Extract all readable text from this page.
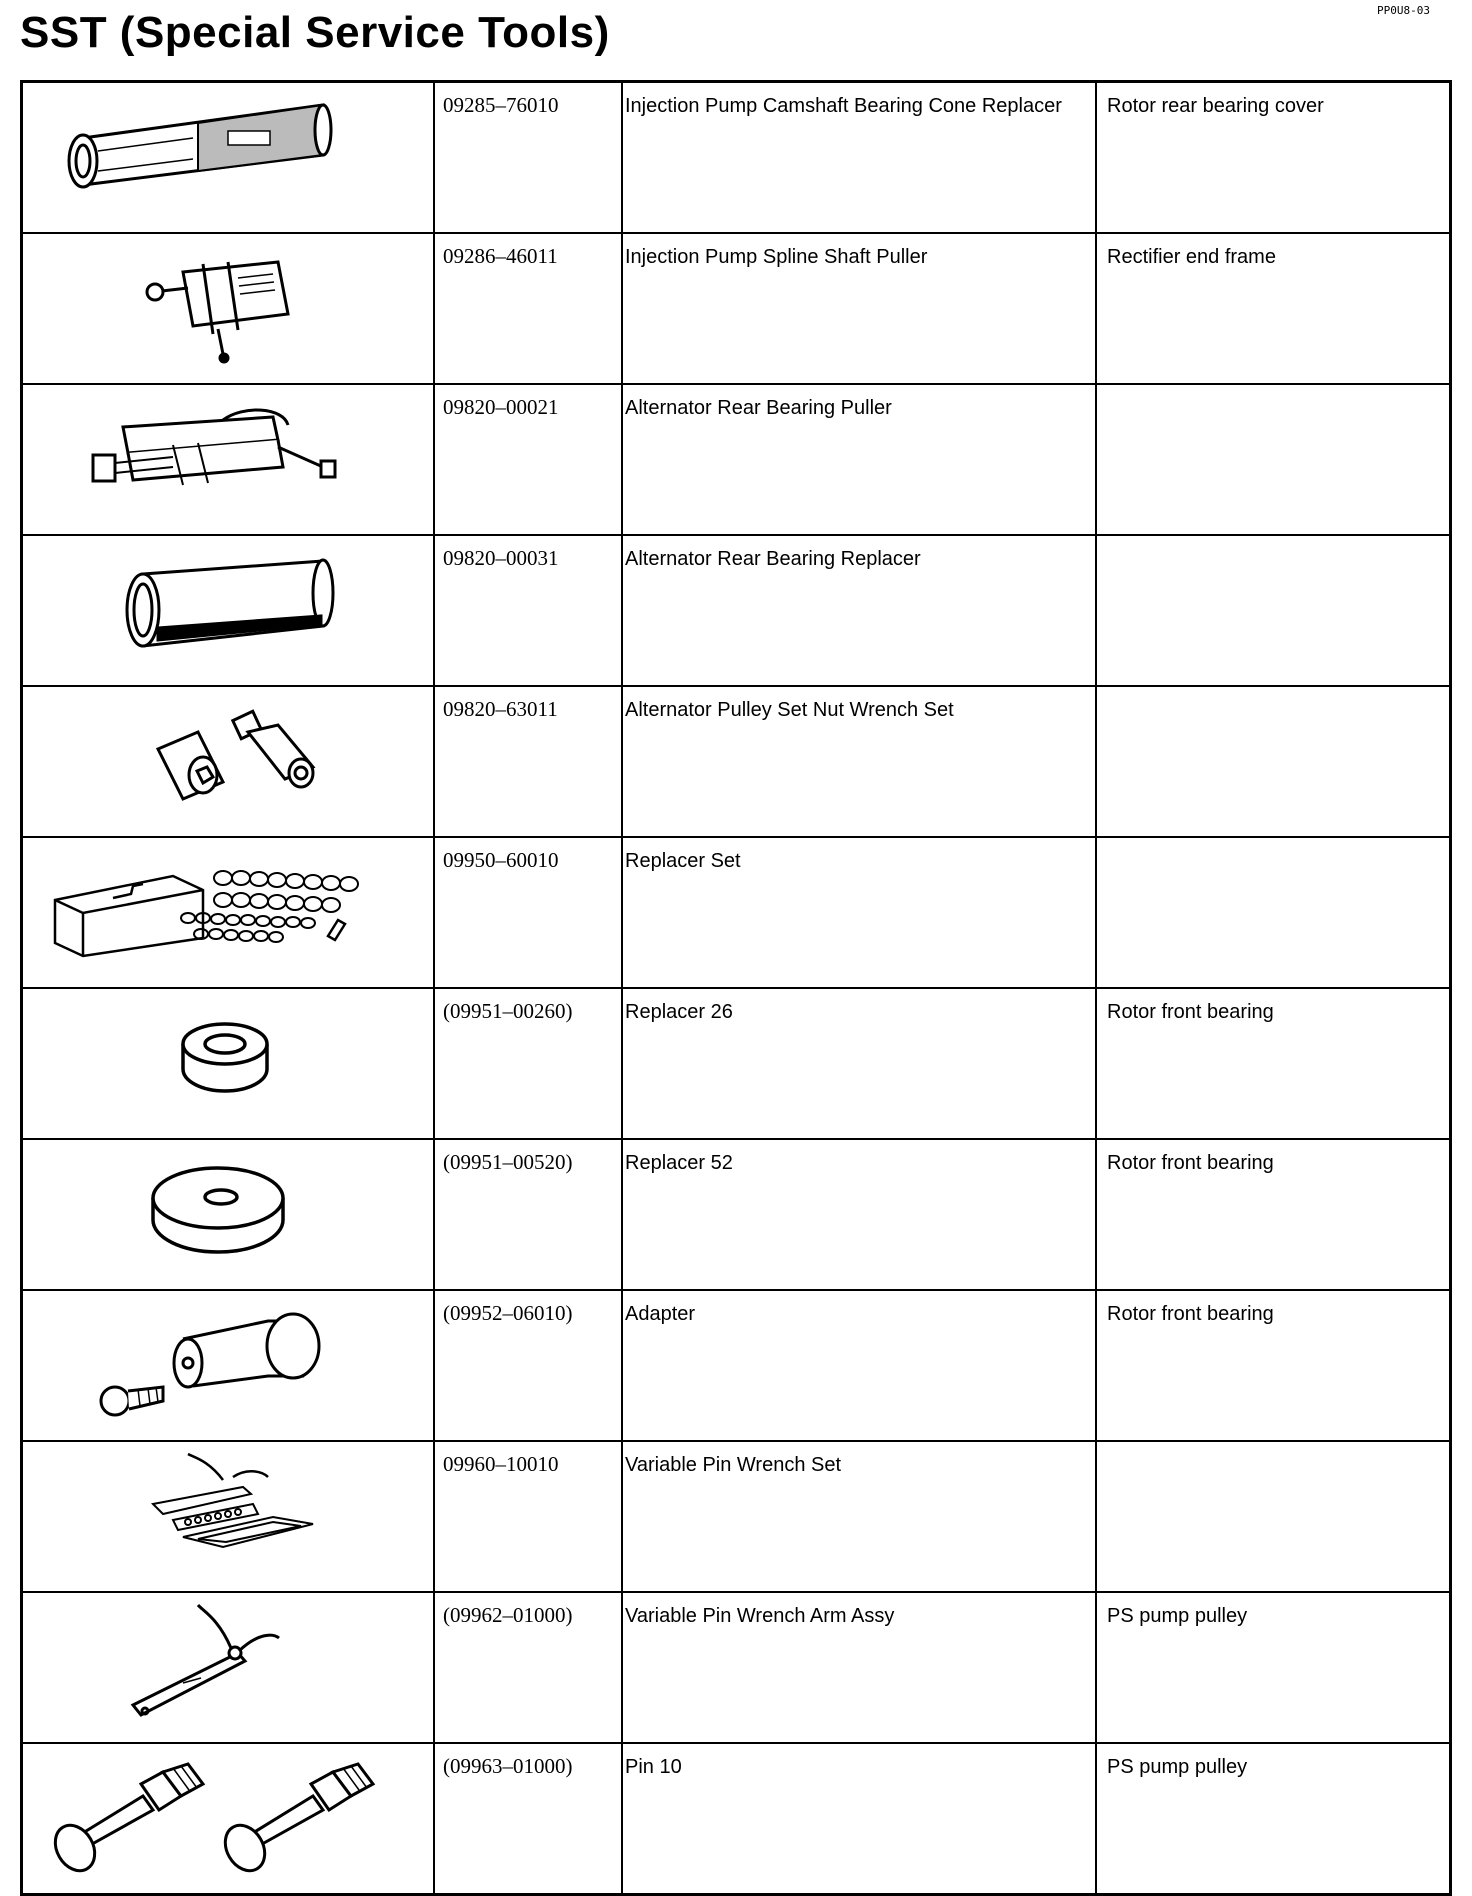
SST (Special Service Tools)	PP0U8-03
	09285–76010	Injection Pump Camshaft Bearing Cone Replacer	Rotor rear bearing cover

	09286–46011	Injection Pump Spline Shaft Puller	Rectifier end frame

	09820–00021	Alternator Rear Bearing Puller	

	09820–00031	Alternator Rear Bearing Replacer	

	09820–63011	Alternator Pulley Set Nut Wrench Set	

	09950–60010	Replacer Set	

	(09951–00260)	Replacer 26	Rotor front bearing

	(09951–00520)	Replacer 52	Rotor front bearing

	(09952–06010)	Adapter	Rotor front bearing

	09960–10010	Variable Pin Wrench Set	

	(09962–01000)	Variable Pin Wrench Arm Assy	PS pump pulley

	(09963–01000)	Pin 10	PS pump pulley
